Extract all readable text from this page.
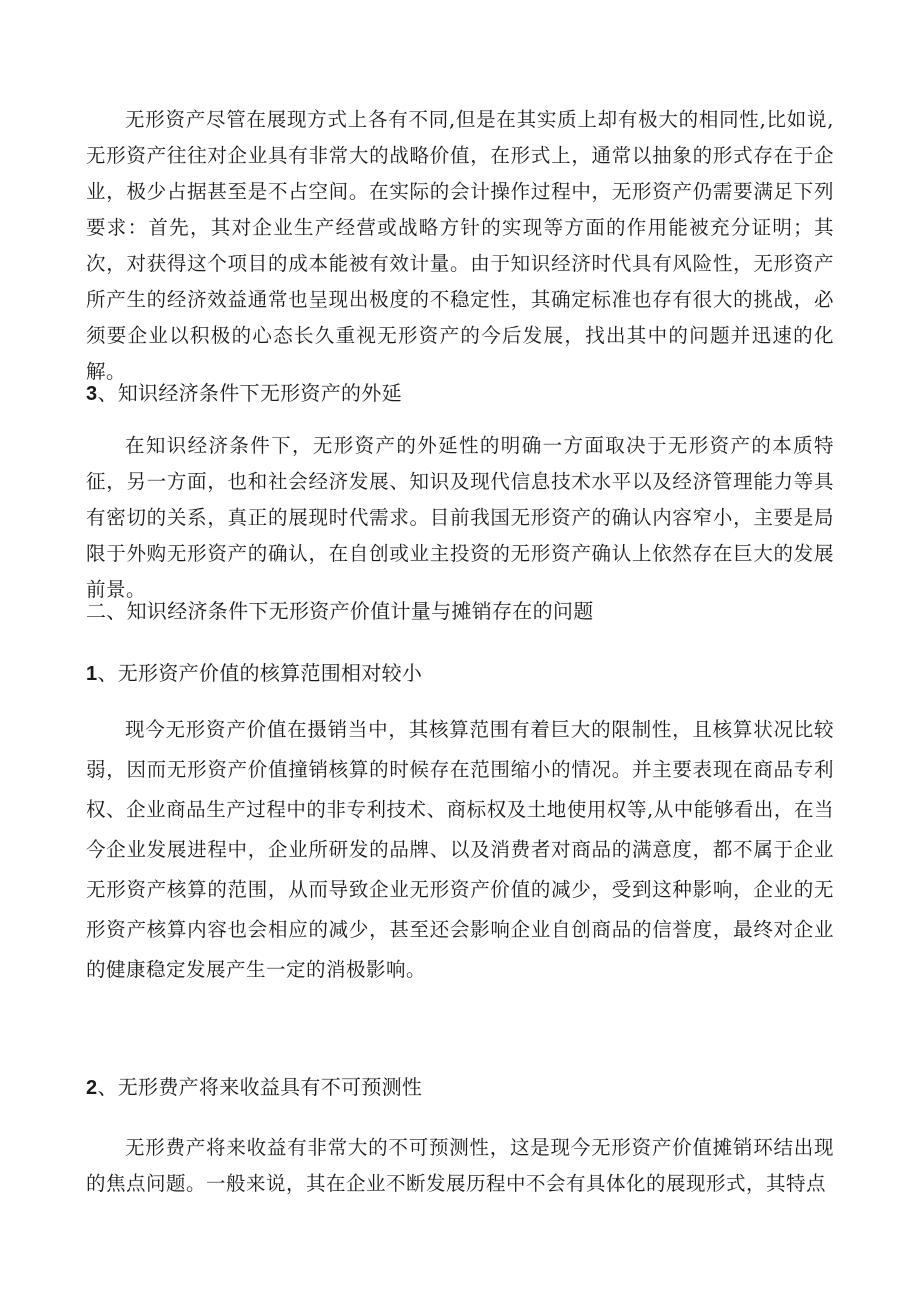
无形资产尽管在展现方式上各有不同,但是在其实质上却有极大的相同性,比如说,无形资产往往对企业具有非常大的战略价值，在形式上，通常以抽象的形式存在于企业，极少占据甚至是不占空间。在实际的会计操作过程中，无形资产仍需要满足下列要求：首先，其对企业生产经营或战略方针的实现等方面的作用能被充分证明；其次，对获得这个项目的成本能被有效计量。由于知识经济时代具有风险性，无形资产所产生的经济效益通常也呈现出极度的不稳定性，其确定标准也存有很大的挑战，必须要企业以积极的心态长久重视无形资产的今后发展，找出其中的问题并迅速的化解。

3、知识经济条件下无形资产的外延

在知识经济条件下，无形资产的外延性的明确一方面取决于无形资产的本质特征，另一方面，也和社会经济发展、知识及现代信息技术水平以及经济管理能力等具有密切的关系，真正的展现时代需求。目前我国无形资产的确认内容窄小，主要是局限于外购无形资产的确认，在自创或业主投资的无形资产确认上依然存在巨大的发展前景。

二、知识经济条件下无形资产价值计量与摊销存在的问题
1、无形资产价值的核算范围相对较小

现今无形资产价值在摄销当中，其核算范围有着巨大的限制性，且核算状况比较弱，因而无形资产价值撞销核算的时候存在范围缩小的情况。并主要表现在商品专利权、企业商品生产过程中的非专利技术、商标权及土地使用权等,从中能够看出，在当今企业发展进程中，企业所研发的品牌、以及消费者对商品的满意度，都不属于企业无形资产核算的范围，从而导致企业无形资产价值的减少，受到这种影响，企业的无形资产核算内容也会相应的减少，甚至还会影响企业自创商品的信誉度，最终对企业的健康稳定发展产生一定的消极影响。

2、无形费产将来收益具有不可预测性

无形费产将来收益有非常大的不可预测性，这是现今无形资产价值摊销环结出现的焦点问题。一般来说，其在企业不断发展历程中不会有具体化的展现形式，其特点
